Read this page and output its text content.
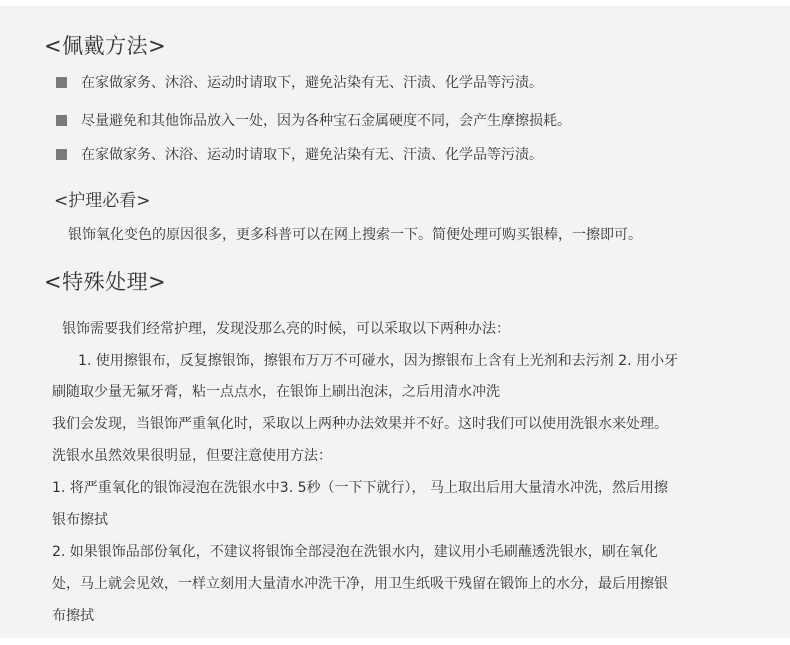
<佩戴方法>
在家做家务、沐浴、运动时请取下，避免沾染有无、汗渍、化学品等污渍。
尽量避免和其他饰品放入一处，因为各种宝石金属硬度不同，会产生摩擦损耗。
在家做家务、沐浴、运动时请取下，避免沾染有无、汗渍、化学品等污渍。
<护理必看>
银饰氧化变色的原因很多，更多科普可以在网上搜索一下。简便处理可购买银棒，一擦即可。
<特殊处理>
银饰需要我们经常护理，发现没那么亮的时候，可以采取以下两种办法：
1. 使用擦银布，反复擦银饰，擦银布万万不可碰水，因为擦银布上含有上光剂和去污剂 2. 用小牙
刷随取少量无氟牙膏，粘一点点水，在银饰上刷出泡沫，之后用清水冲洗
我们会发现，当银饰严重氧化时，采取以上两种办法效果并不好。这时我们可以使用洗银水来处理。
洗银水虽然效果很明显，但要注意使用方法：
1. 将严重氧化的银饰浸泡在洗银水中3. 5秒（一下下就行）， 马上取出后用大量清水冲洗，然后用擦
银布擦拭
2. 如果银饰品部份氧化，不建议将银饰全部浸泡在洗银水内，建议用小毛刷蘸透洗银水，刷在氧化
处，马上就会见效，一样立刻用大量清水冲洗干净，用卫生纸吸干残留在锻饰上的水分，最后用擦银
布擦拭
